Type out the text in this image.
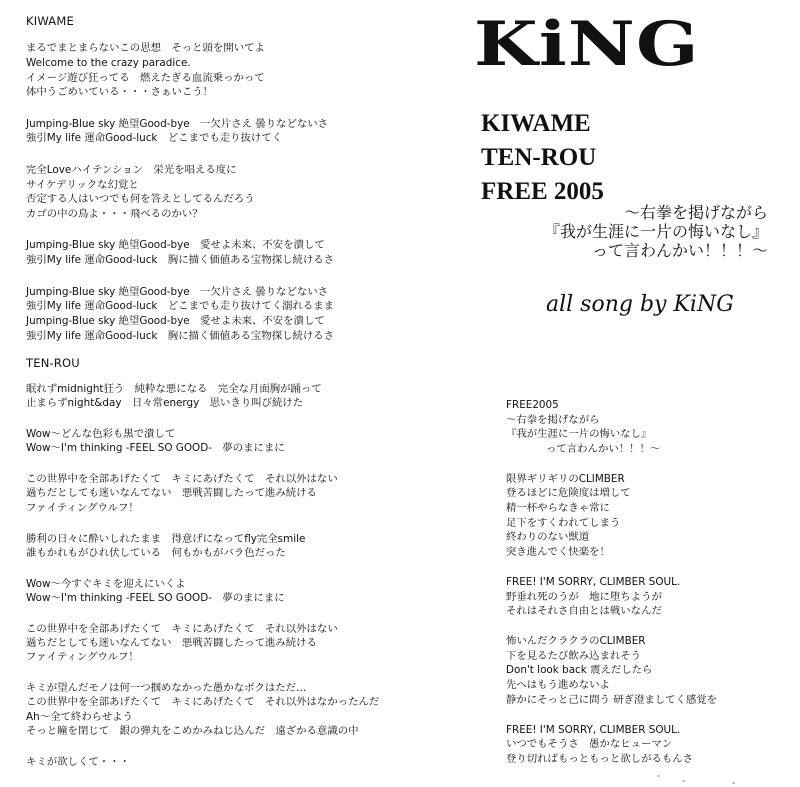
KiNG
KIWAME
TEN-ROU
FREE 2005
〜右拳を掲げながら
『我が生涯に一片の悔いなし』
って言わんかい！！！〜

all song by KiNG

KIWAME
まるでまとまらないこの思想　そっと頭を開いてよ
Welcome to the crazy paradice.
イメージ遊び狂ってる　燃えたぎる血流乗っかって
体中うごめいている・・・さぁいこう！
Jumping-Blue sky 絶望Good-bye　一欠片さえ 曇りなどないさ
強引My life 運命Good-luck　どこまでも走り抜けてく
完全Loveハイテンション　栄光を唱える度に
サイケデリックな幻覚と
否定する人はいつでも何を答えとしてるんだろう
カゴの中の鳥よ・・・飛べるのかい？
Jumping-Blue sky 絶望Good-bye　愛せよ未来、不安を潰して
強引My life 運命Good-luck　胸に描く価値ある宝物探し続けるさ
Jumping-Blue sky 絶望Good-bye　一欠片さえ 曇りなどないさ
強引My life 運命Good-luck　どこまでも走り抜けてく溺れるまま
Jumping-Blue sky 絶望Good-bye　愛せよ未来、不安を潰して
強引My life 運命Good-luck　胸に描く価値ある宝物探し続けるさ
TEN-ROU
眠れずmidnight狂う　純粋な悪になる　完全な月面胸が踊って
止まらずnight&day　日々常energy　思いきり叫び続けた
Wow〜どんな色彩も黒で潰して
Wow〜I'm thinking -FEEL SO GOOD-　夢のまにまに
この世界中を全部あげたくて　キミにあげたくて　それ以外はない
過ちだとしても迷いなんてない　悪戦苦闘したって進み続ける
ファイティングウルフ！
勝利の日々に酔いしれたまま　得意げになってfly完全smile
誰もかれもがひれ伏している　何もかもがバラ色だった
Wow〜今すぐキミを迎えにいくよ
Wow〜I'm thinking -FEEL SO GOOD-　夢のまにまに
この世界中を全部あげたくて　キミにあげたくて　それ以外はない
過ちだとしても迷いなんてない　悪戦苦闘したって進み続ける
ファイティングウルフ！
キミが望んだモノは何一つ掴めなかった愚かなボクはただ…
この世界中を全部あげたくて　キミにあげたくて　それ以外はなかったんだ
Ah〜全て終わらせよう
そっと瞳を閉じて　銀の弾丸をこめかみねじ込んだ　遠ざかる意識の中
キミが欲しくて・・・
FREE2005
〜右拳を掲げながら
『我が生涯に一片の悔いなし』
って言わんかい！！！〜
限界ギリギリのCLIMBER
登るほどに危険度は増して
精一杯やらなきゃ常に
足下をすくわれてしまう
終わりのない獣道
突き進んでく快楽を！
FREE! I'M SORRY, CLIMBER SOUL.
野垂れ死のうが　地に堕ちようが
それはそれさ自由とは戦いなんだ
怖いんだクラクラのCLIMBER
下を見るたび飲み込まれそう
Don't look back 震えだしたら
先へはもう進めないよ
静かにそっと己に問う 研ぎ澄ましてく感覚を
FREE! I'M SORRY, CLIMBER SOUL.
いつでもそうさ　愚かなヒューマン
登り切ればもっともっと欲しがるもんさ
